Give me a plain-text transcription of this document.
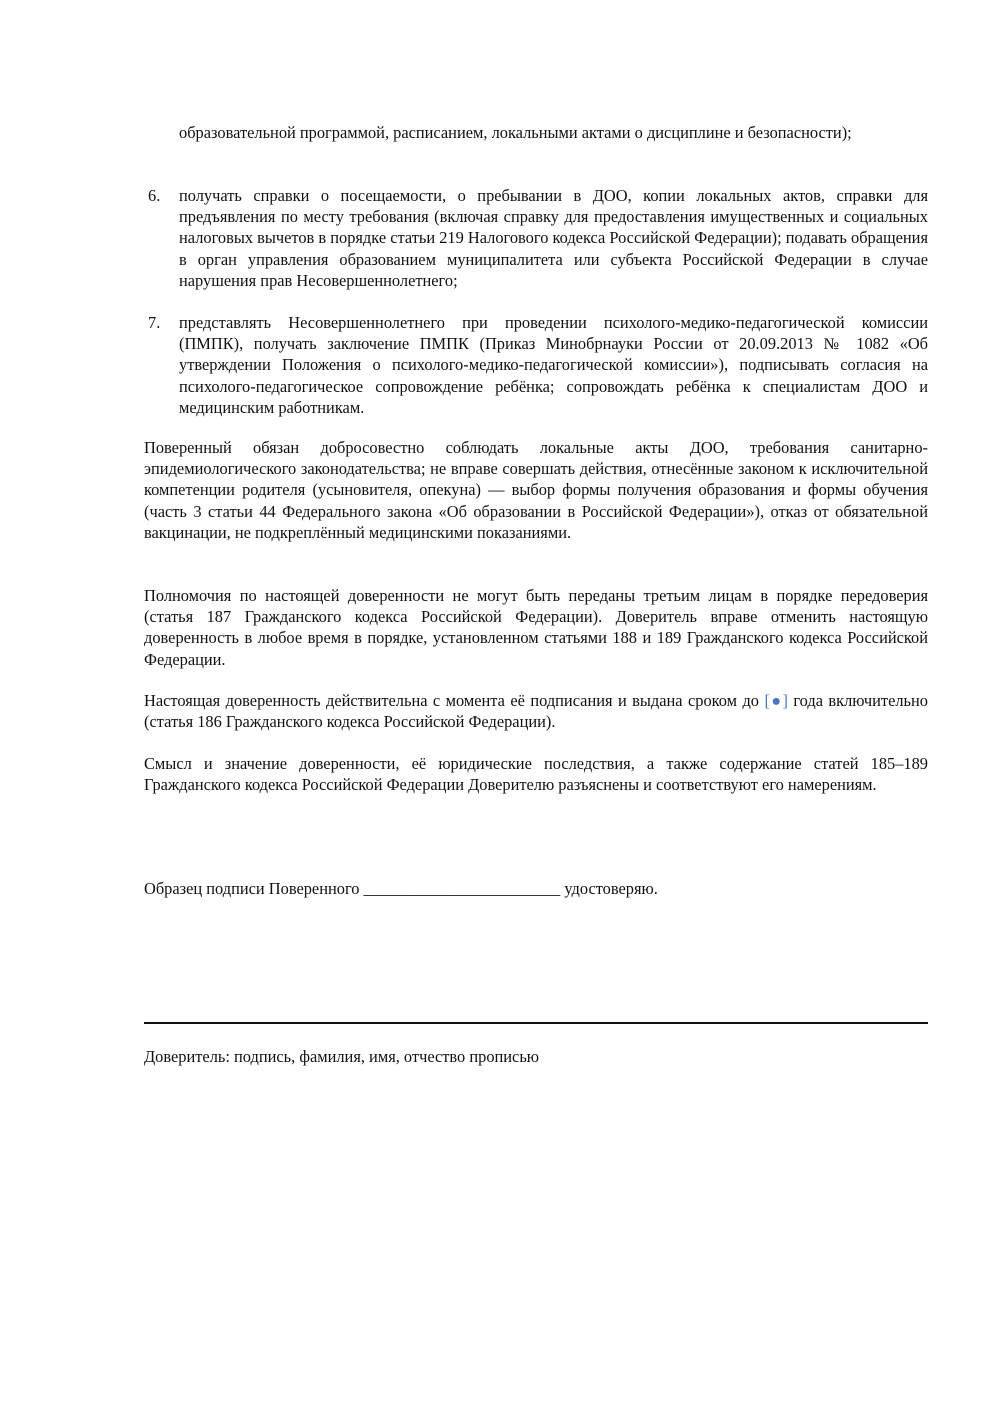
образовательной программой, расписанием, локальными актами о дисциплине и безопасности);
6. получать справки о посещаемости, о пребывании в ДОО, копии локальных актов, справки для предъявления по месту требования (включая справку для предоставления имущественных и социальных налоговых вычетов в порядке статьи 219 Налогового кодекса Российской Федерации); подавать обращения в орган управления образованием муниципалитета или субъекта Российской Федерации в случае нарушения прав Несовершеннолетнего;
7. представлять Несовершеннолетнего при проведении психолого-медико-педагогической комиссии (ПМПК), получать заключение ПМПК (Приказ Минобрнауки России от 20.09.2013 № 1082 «Об утверждении Положения о психолого-медико-педагогической комиссии»), подписывать согласия на психолого-педагогическое сопровождение ребёнка; сопровождать ребёнка к специалистам ДОО и медицинским работникам.
Поверенный обязан добросовестно соблюдать локальные акты ДОО, требования санитарно-эпидемиологического законодательства; не вправе совершать действия, отнесённые законом к исключительной компетенции родителя (усыновителя, опекуна) — выбор формы получения образования и формы обучения (часть 3 статьи 44 Федерального закона «Об образовании в Российской Федерации»), отказ от обязательной вакцинации, не подкреплённый медицинскими показаниями.
Полномочия по настоящей доверенности не могут быть переданы третьим лицам в порядке передоверия (статья 187 Гражданского кодекса Российской Федерации). Доверитель вправе отменить настоящую доверенность в любое время в порядке, установленном статьями 188 и 189 Гражданского кодекса Российской Федерации.
Настоящая доверенность действительна с момента её подписания и выдана сроком до [●] года включительно (статья 186 Гражданского кодекса Российской Федерации).
Смысл и значение доверенности, её юридические последствия, а также содержание статей 185–189 Гражданского кодекса Российской Федерации Доверителю разъяснены и соответствуют его намерениям.
Образец подписи Поверенного ________________________ удостоверяю.
Доверитель: подпись, фамилия, имя, отчество прописью
